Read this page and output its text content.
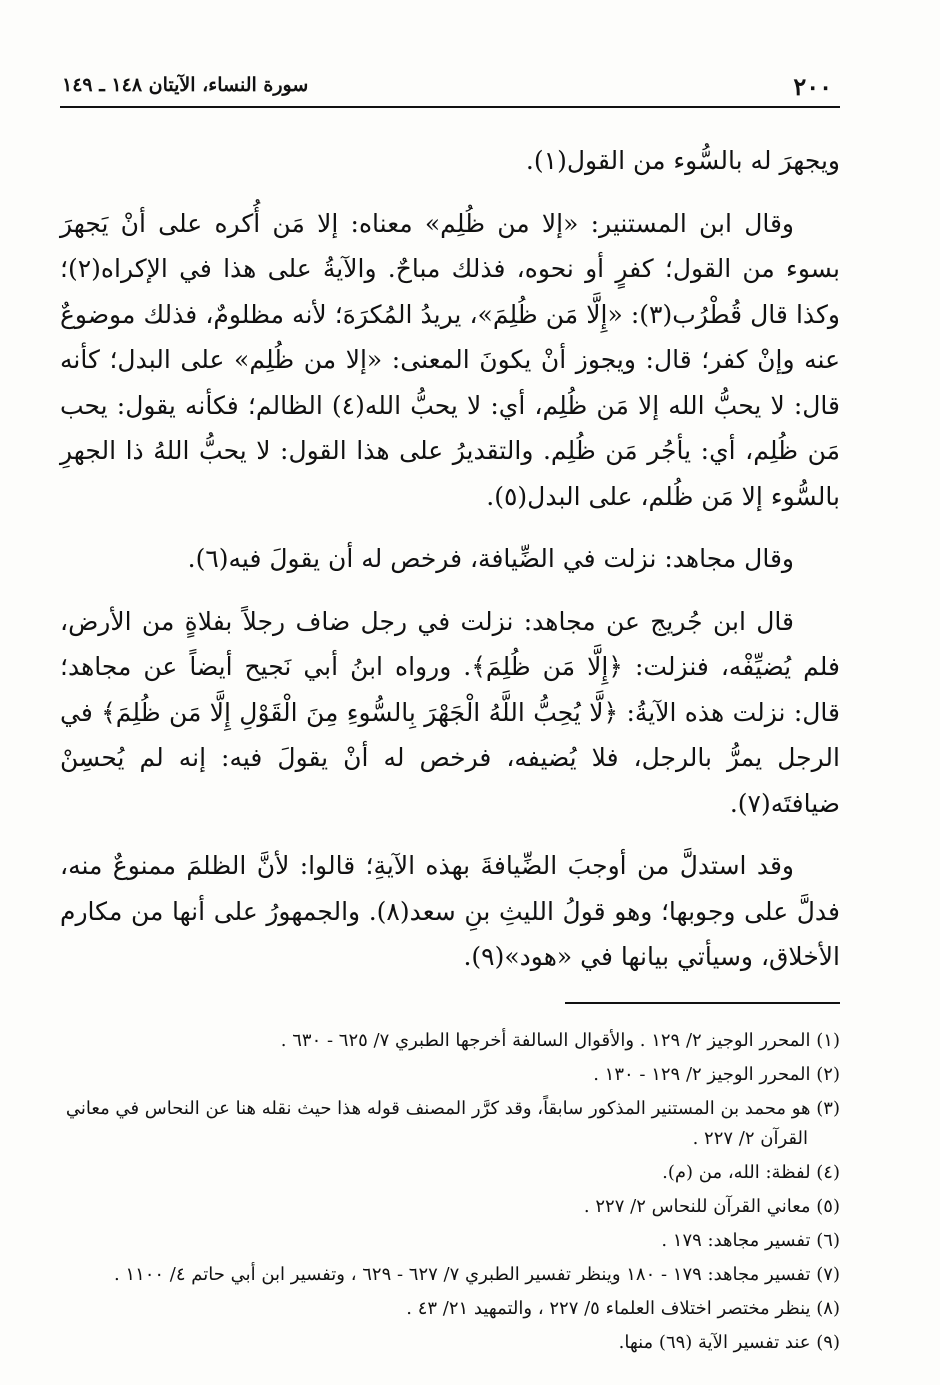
٢٠٠
سورة النساء، الآيتان ١٤٨ ـ ١٤٩

ويجهرَ له بالسُّوء من القول(١).

وقال ابن المستنير: «إلا من ظُلِم» معناه: إلا مَن أُكره على أنْ يَجهرَ بسوء من القول؛ كفرٍ أو نحوه، فذلك مباحٌ. والآيةُ على هذا في الإكراه(٢)؛ وكذا قال قُطْرُب(٣): «إِلَّا مَن ظُلِمَ»، يريدُ المُكرَهَ؛ لأنه مظلومٌ، فذلك موضوعٌ عنه وإنْ كفر؛ قال: ويجوز أنْ يكونَ المعنى: «إلا من ظُلِم» على البدل؛ كأنه قال: لا يحبُّ الله إلا مَن ظُلِم، أي: لا يحبُّ الله(٤) الظالم؛ فكأنه يقول: يحب مَن ظُلِم، أي: يأجُر مَن ظُلِم. والتقديرُ على هذا القول: لا يحبُّ اللهُ ذا الجهرِ بالسُّوء إلا مَن ظُلم، على البدل(٥).

وقال مجاهد: نزلت في الضِّيافة، فرخص له أن يقولَ فيه(٦).

قال ابن جُريج عن مجاهد: نزلت في رجل ضاف رجلاً بفلاةٍ من الأرض، فلم يُضيِّفْه، فنزلت: ﴿إِلَّا مَن ظُلِمَ﴾. ورواه ابنُ أبي نَجيح أيضاً عن مجاهد؛ قال: نزلت هذه الآيةُ: ﴿لَّا يُحِبُّ اللَّهُ الْجَهْرَ بِالسُّوءِ مِنَ الْقَوْلِ إِلَّا مَن ظُلِمَ﴾ في الرجل يمرُّ بالرجل، فلا يُضيفه، فرخص له أنْ يقولَ فيه: إنه لم يُحسِنْ ضيافتَه(٧).

وقد استدلَّ من أوجبَ الضِّيافةَ بهذه الآيةِ؛ قالوا: لأنَّ الظلمَ ممنوعٌ منه، فدلَّ على وجوبها؛ وهو قولُ الليثِ بنِ سعد(٨). والجمهورُ على أنها من مكارم الأخلاق، وسيأتي بيانها في «هود»(٩).

(١) المحرر الوجيز ٢/ ١٢٩ . والأقوال السالفة أخرجها الطبري ٧/ ٦٢٥ - ٦٣٠ .

(٢) المحرر الوجيز ٢/ ١٢٩ - ١٣٠ .

(٣) هو محمد بن المستنير المذكور سابقاً، وقد كرَّر المصنف قوله هذا حيث نقله هنا عن النحاس في معاني القرآن ٢/ ٢٢٧ .

(٤) لفظة: الله، من (م).

(٥) معاني القرآن للنحاس ٢/ ٢٢٧ .

(٦) تفسير مجاهد: ١٧٩ .

(٧) تفسير مجاهد: ١٧٩ - ١٨٠ وينظر تفسير الطبري ٧/ ٦٢٧ - ٦٢٩ ، وتفسير ابن أبي حاتم ٤/ ١١٠٠ .

(٨) ينظر مختصر اختلاف العلماء ٥/ ٢٢٧ ، والتمهيد ٢١/ ٤٣ .

(٩) عند تفسير الآية (٦٩) منها.
